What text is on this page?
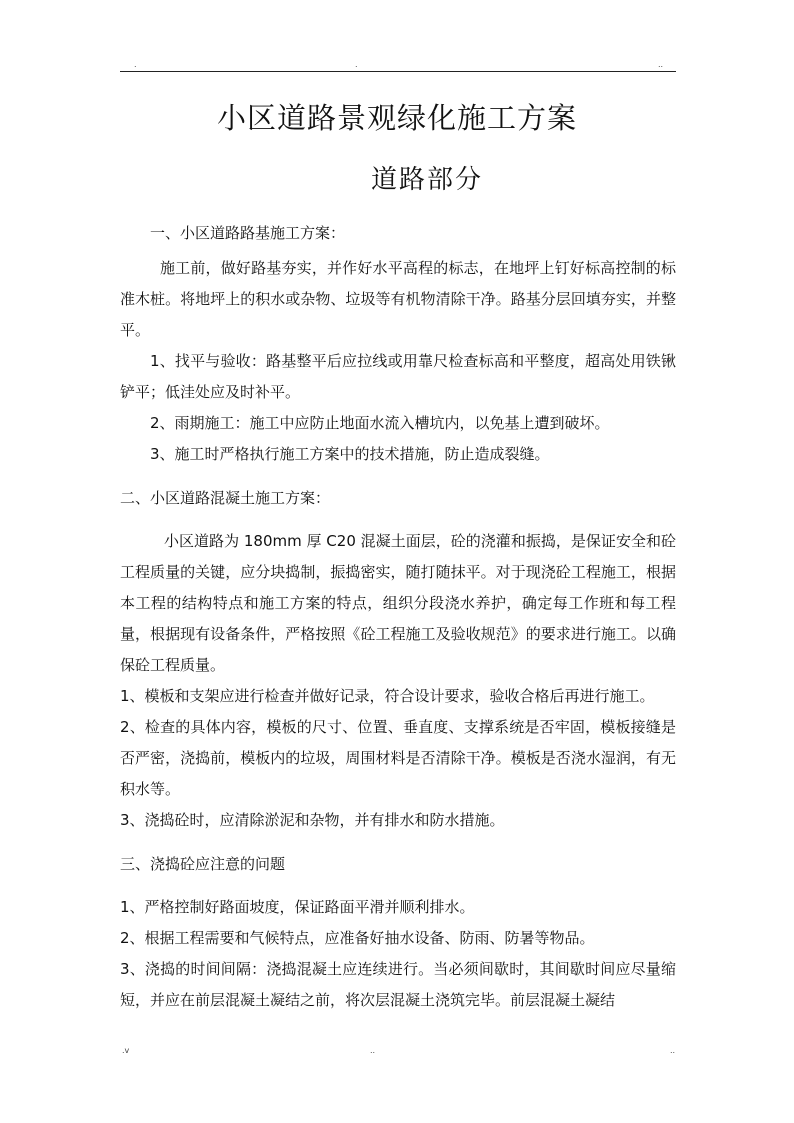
.	.	..
小区道路景观绿化施工方案
道路部分

一、小区道路路基施工方案：

施工前，做好路基夯实，并作好水平高程的标志，在地坪上钉好标高控制的标准木桩。将地坪上的积水或杂物、垃圾等有机物清除干净。路基分层回填夯实，并整平。

1、找平与验收：路基整平后应拉线或用靠尺检查标高和平整度，超高处用铁锹铲平；低洼处应及时补平。

2、雨期施工：施工中应防止地面水流入槽坑内，以免基上遭到破坏。

3、施工时严格执行施工方案中的技术措施，防止造成裂缝。

二、小区道路混凝土施工方案：

小区道路为 180mm 厚 C20 混凝土面层，砼的浇灌和振捣，是保证安全和砼工程质量的关键，应分块捣制，振捣密实，随打随抹平。对于现浇砼工程施工，根据本工程的结构特点和施工方案的特点，组织分段浇水养护，确定每工作班和每工程量，根据现有设备条件，严格按照《砼工程施工及验收规范》的要求进行施工。以确保砼工程质量。

1、模板和支架应进行检查并做好记录，符合设计要求，验收合格后再进行施工。

2、检查的具体内容，模板的尺寸、位置、垂直度、支撑系统是否牢固，模板接缝是否严密，浇捣前，模板内的垃圾，周围材料是否清除干净。模板是否浇水湿润，有无积水等。

3、浇捣砼时，应清除淤泥和杂物，并有排水和防水措施。

三、浇捣砼应注意的问题

1、严格控制好路面坡度，保证路面平滑并顺利排水。

2、根据工程需要和气候特点，应准备好抽水设备、防雨、防暑等物品。

3、浇捣的时间间隔：浇捣混凝土应连续进行。当必须间歇时，其间歇时间应尽量缩短，并应在前层混凝土凝结之前，将次层混凝土浇筑完毕。前层混凝土凝结

.v	..	..
